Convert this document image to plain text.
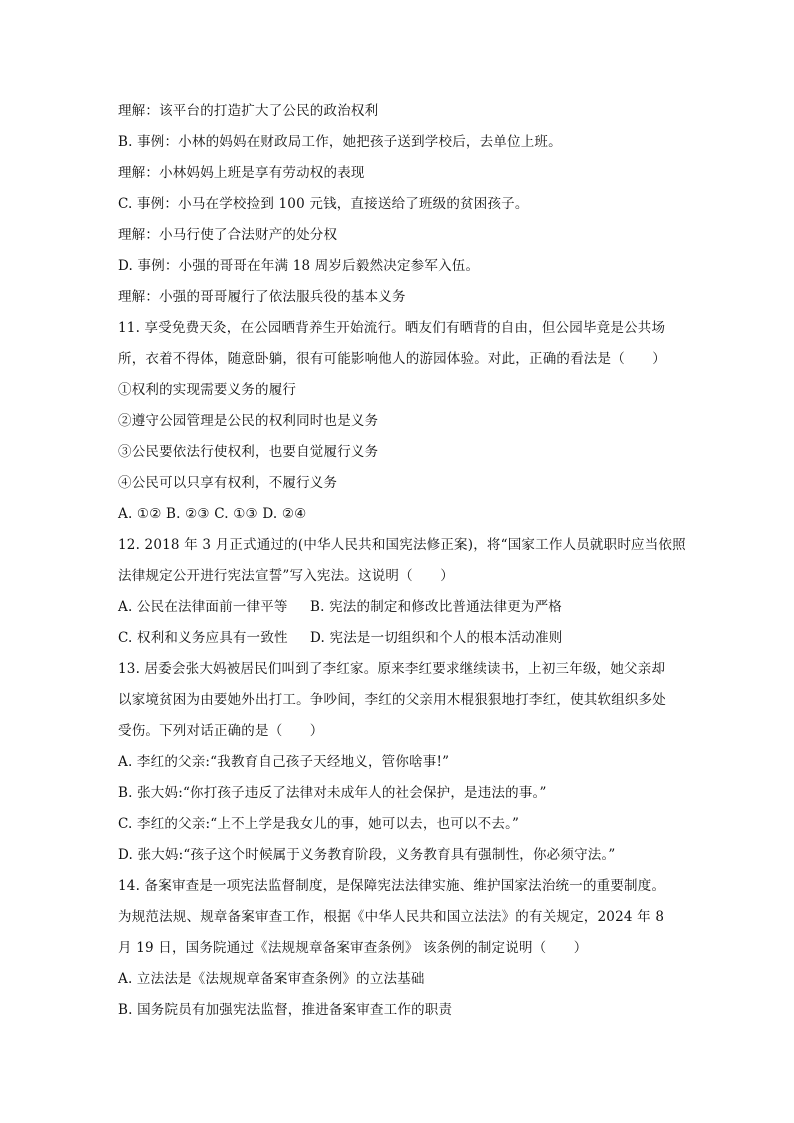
理解：该平台的打造扩大了公民的政治权利
B. 事例：小林的妈妈在财政局工作，她把孩子送到学校后，去单位上班。
理解：小林妈妈上班是享有劳动权的表现
C. 事例：小马在学校捡到 100 元钱，直接送给了班级的贫困孩子。
理解：小马行使了合法财产的处分权
D. 事例：小强的哥哥在年满 18 周岁后毅然决定参军入伍。
理解：小强的哥哥履行了依法服兵役的基本义务
11. 享受免费天灸，在公园晒背养生开始流行。晒友们有晒背的自由，但公园毕竟是公共场
所，衣着不得体，随意卧躺，很有可能影响他人的游园体验。对此，正确的看法是（　　）
①权利的实现需要义务的履行
②遵守公园管理是公民的权利同时也是义务
③公民要依法行使权利，也要自觉履行义务
④公民可以只享有权利，不履行义务
A. ①② B. ②③ C. ①③ D. ②④
12. 2018 年 3 月正式通过的(中华人民共和国宪法修正案)，将“国家工作人员就职时应当依照
法律规定公开进行宪法宣誓”写入宪法。这说明（　　）
A. 公民在法律面前一律平等 B. 宪法的制定和修改比普通法律更为严格
C. 权利和义务应具有一致性 D. 宪法是一切组织和个人的根本活动准则
13. 居委会张大妈被居民们叫到了李红家。原来李红要求继续读书，上初三年级，她父亲却
以家境贫困为由要她外出打工。争吵间，李红的父亲用木棍狠狠地打李红，使其软组织多处
受伤。下列对话正确的是（　　）
A. 李红的父亲:“我教育自己孩子天经地义，管你啥事!”
B. 张大妈:“你打孩子违反了法律对未成年人的社会保护，是违法的事。”
C. 李红的父亲:“上不上学是我女儿的事，她可以去，也可以不去。”
D. 张大妈:“孩子这个时候属于义务教育阶段，义务教育具有强制性，你必须守法。”
14. 备案审查是一项宪法监督制度，是保障宪法法律实施、维护国家法治统一的重要制度。
为规范法规、规章备案审查工作，根据《中华人民共和国立法法》的有关规定，2024 年 8
月 19 日，国务院通过《法规规章备案审查条例》 该条例的制定说明（　　）
A. 立法法是《法规规章备案审查条例》的立法基础
B. 国务院员有加强宪法监督，推进备案审查工作的职责
